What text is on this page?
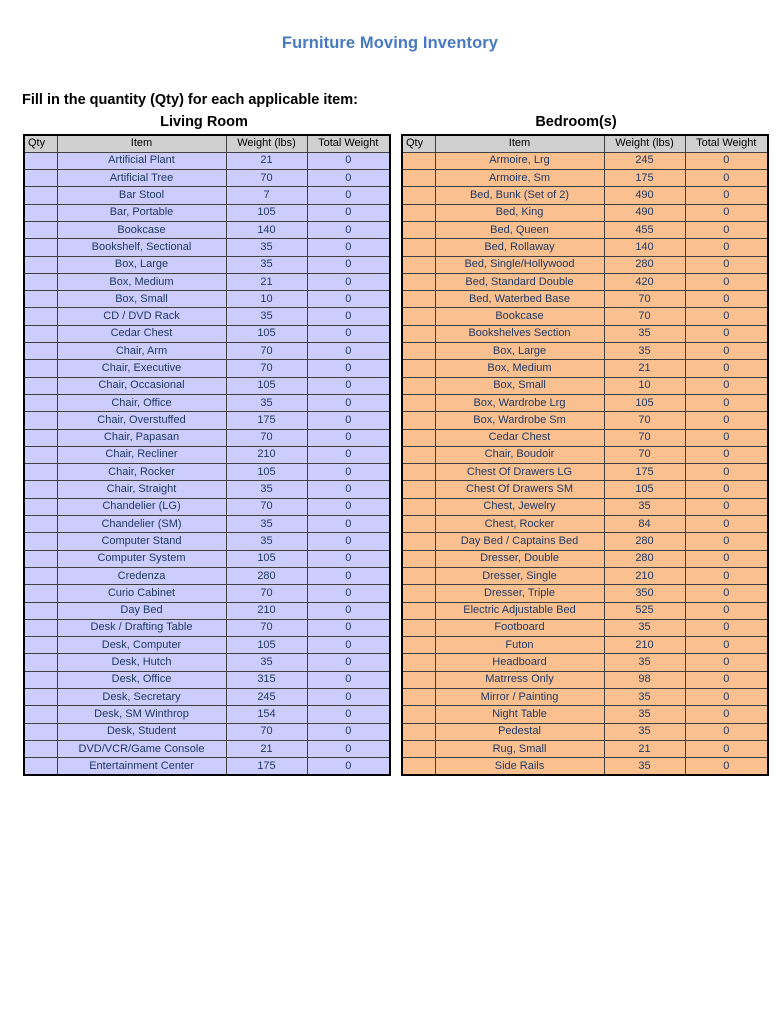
Furniture Moving Inventory

Fill in the quantity (Qty) for each applicable item:

Living Room	Bedroom(s)
Qty	Item	Weight (lbs)	Total Weight
	Artificial Plant	21	0
	Artificial Tree	70	0
	Bar Stool	7	0
	Bar, Portable	105	0
	Bookcase	140	0
	Bookshelf, Sectional	35	0
	Box, Large	35	0
	Box, Medium	21	0
	Box, Small	10	0
	CD / DVD Rack	35	0
	Cedar Chest	105	0
	Chair, Arm	70	0
	Chair, Executive	70	0
	Chair, Occasional	105	0
	Chair, Office	35	0
	Chair, Overstuffed	175	0
	Chair, Papasan	70	0
	Chair, Recliner	210	0
	Chair, Rocker	105	0
	Chair, Straight	35	0
	Chandelier (LG)	70	0
	Chandelier (SM)	35	0
	Computer Stand	35	0
	Computer System	105	0
	Credenza	280	0
	Curio Cabinet	70	0
	Day Bed	210	0
	Desk / Drafting Table	70	0
	Desk, Computer	105	0
	Desk, Hutch	35	0
	Desk, Office	315	0
	Desk, Secretary	245	0
	Desk, SM Winthrop	154	0
	Desk, Student	70	0
	DVD/VCR/Game Console	21	0
	Entertainment Center	175	0
Qty	Item	Weight (lbs)	Total Weight
	Armoire, Lrg	245	0
	Armoire, Sm	175	0
	Bed, Bunk (Set of 2)	490	0
	Bed, King	490	0
	Bed, Queen	455	0
	Bed, Rollaway	140	0
	Bed, Single/Hollywood	280	0
	Bed, Standard Double	420	0
	Bed, Waterbed Base	70	0
	Bookcase	70	0
	Bookshelves Section	35	0
	Box, Large	35	0
	Box, Medium	21	0
	Box, Small	10	0
	Box, Wardrobe Lrg	105	0
	Box, Wardrobe Sm	70	0
	Cedar Chest	70	0
	Chair, Boudoir	70	0
	Chest Of Drawers LG	175	0
	Chest Of Drawers SM	105	0
	Chest, Jewelry	35	0
	Chest, Rocker	84	0
	Day Bed / Captains Bed	280	0
	Dresser, Double	280	0
	Dresser, Single	210	0
	Dresser, Triple	350	0
	Electric Adjustable Bed	525	0
	Footboard	35	0
	Futon	210	0
	Headboard	35	0
	Matrress Only	98	0
	Mirror / Painting	35	0
	Night Table	35	0
	Pedestal	35	0
	Rug, Small	21	0
	Side Rails	35	0
